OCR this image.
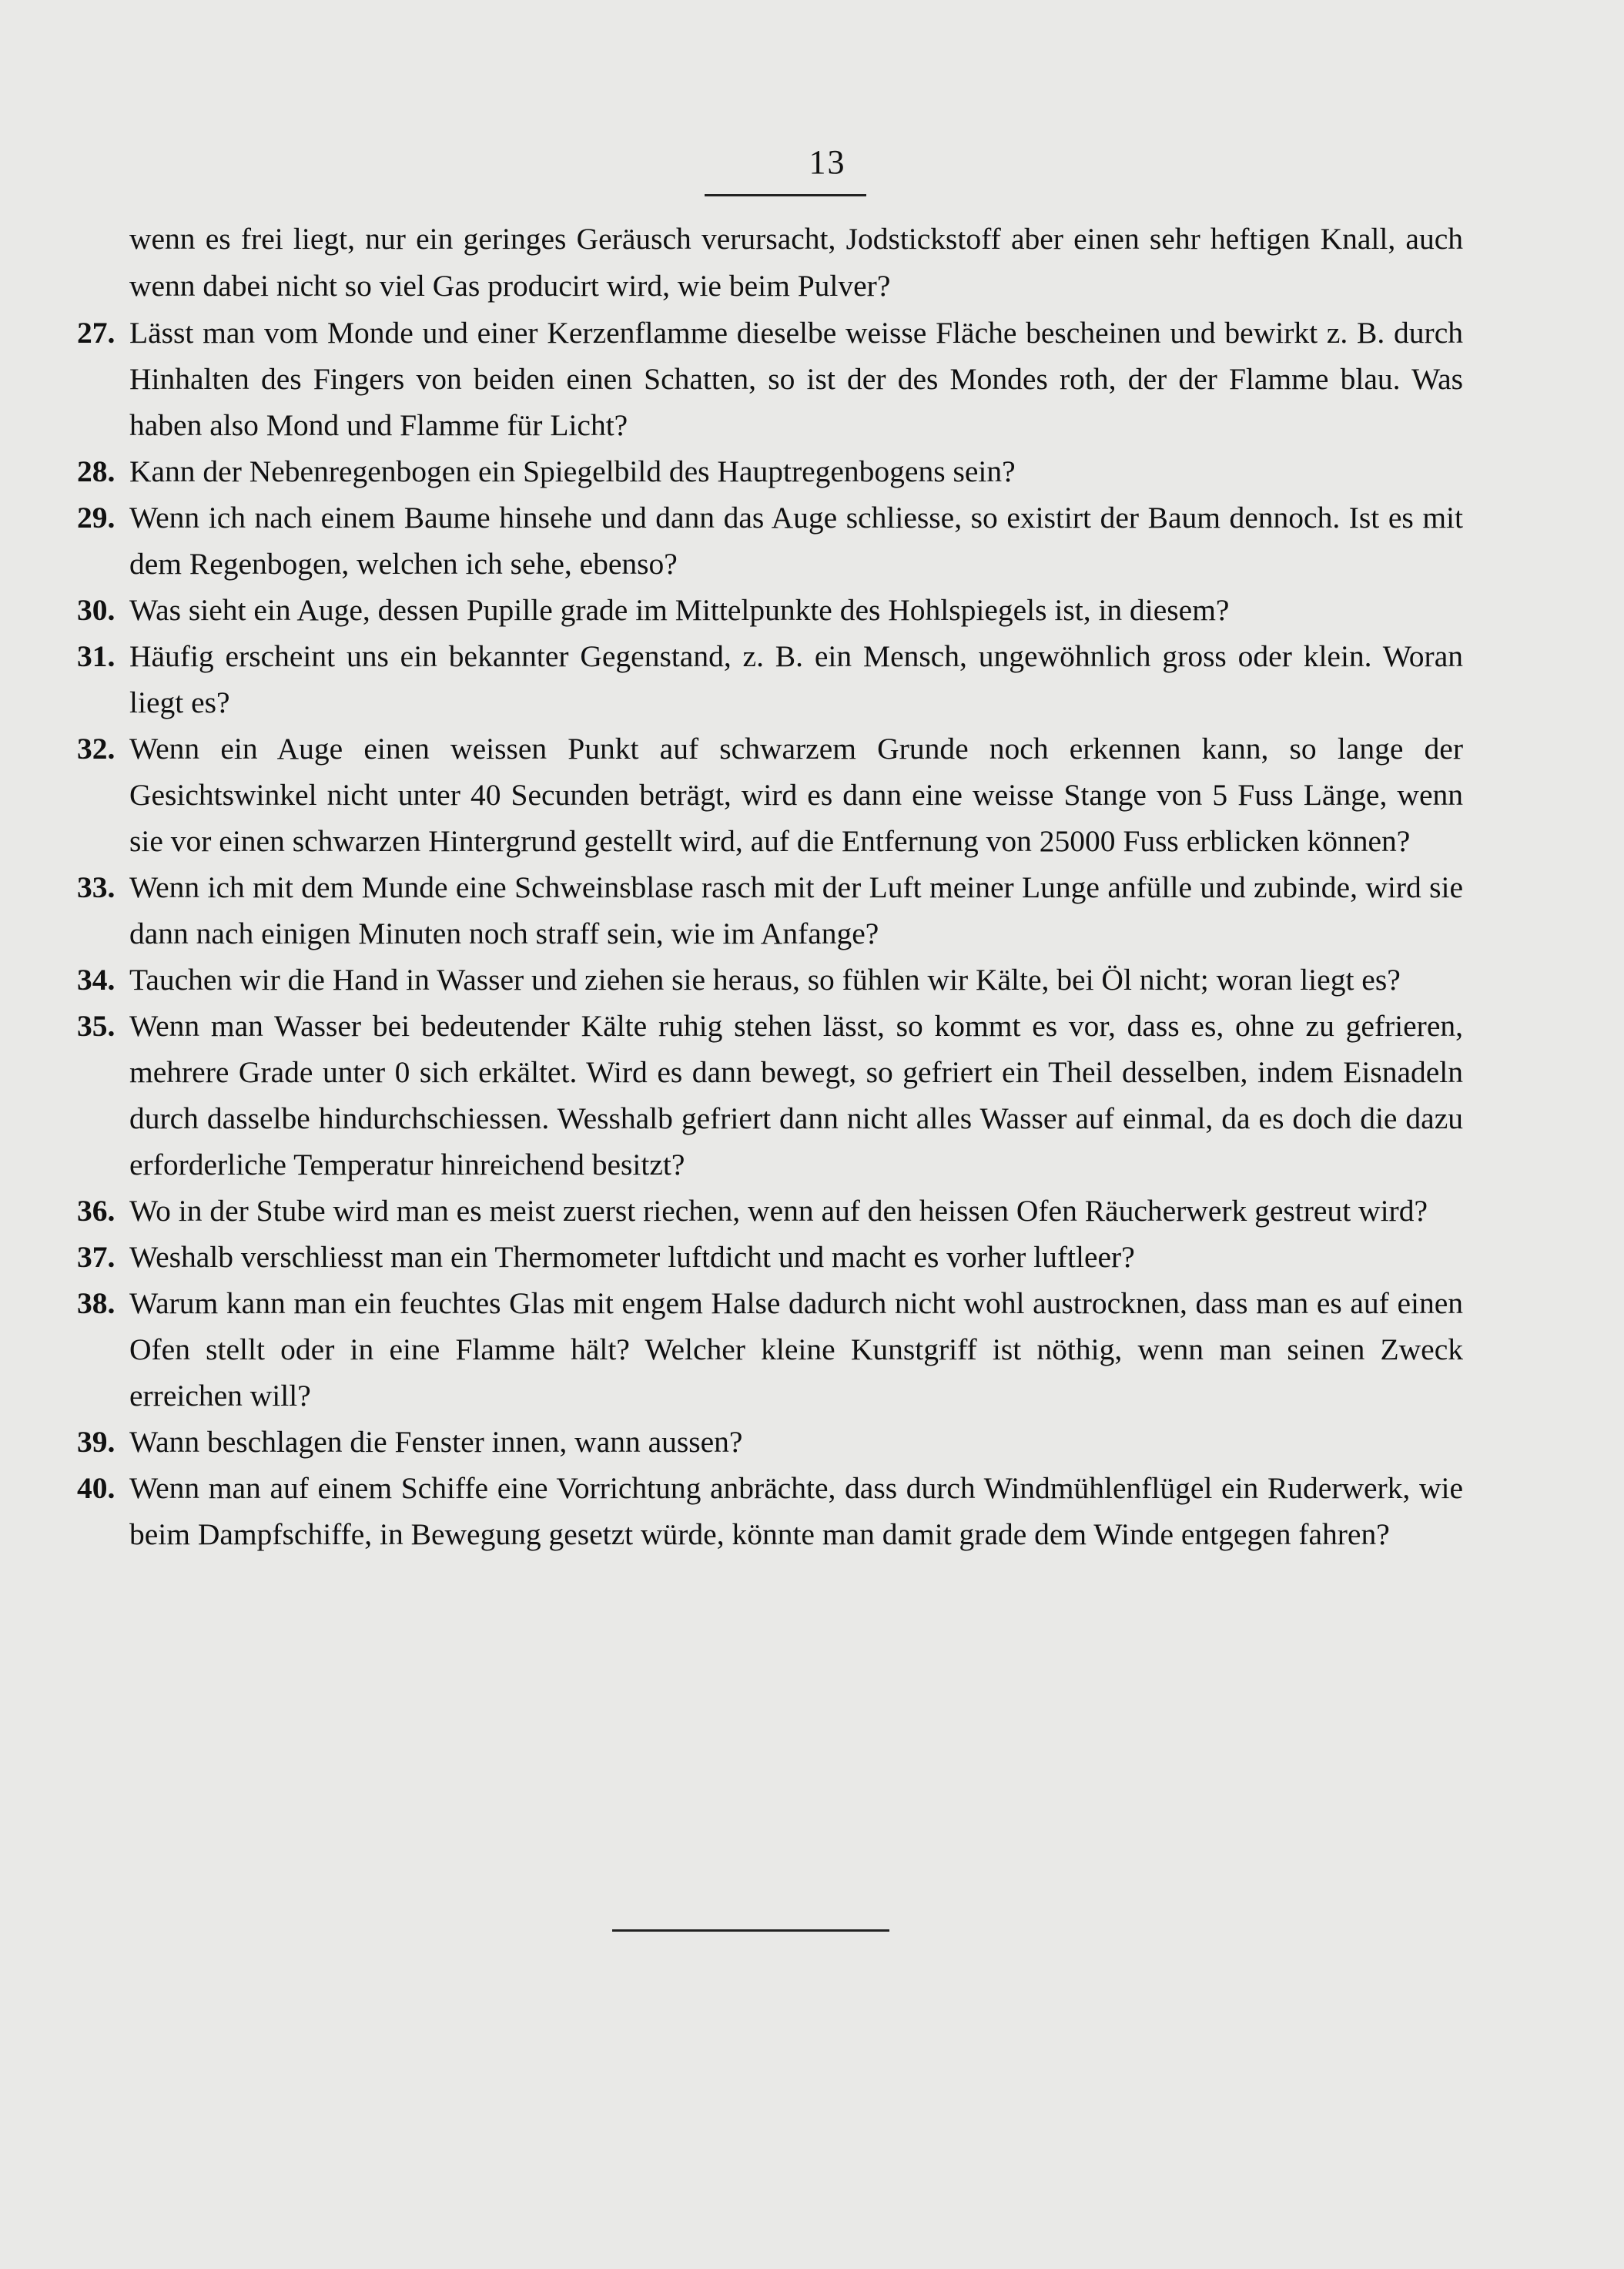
13

wenn es frei liegt, nur ein geringes Geräusch verursacht, Jodstickstoff aber einen sehr heftigen Knall, auch wenn dabei nicht so viel Gas producirt wird, wie beim Pulver?

27. Lässt man vom Monde und einer Kerzenflamme dieselbe weisse Fläche bescheinen und bewirkt z. B. durch Hinhalten des Fingers von beiden einen Schatten, so ist der des Mondes roth, der der Flamme blau. Was haben also Mond und Flamme für Licht?
28. Kann der Nebenregenbogen ein Spiegelbild des Hauptregenbogens sein?
29. Wenn ich nach einem Baume hinsehe und dann das Auge schliesse, so existirt der Baum dennoch. Ist es mit dem Regenbogen, welchen ich sehe, ebenso?
30. Was sieht ein Auge, dessen Pupille grade im Mittelpunkte des Hohlspiegels ist, in diesem?
31. Häufig erscheint uns ein bekannter Gegenstand, z. B. ein Mensch, ungewöhnlich gross oder klein. Woran liegt es?
32. Wenn ein Auge einen weissen Punkt auf schwarzem Grunde noch erkennen kann, so lange der Gesichtswinkel nicht unter 40 Secunden beträgt, wird es dann eine weisse Stange von 5 Fuss Länge, wenn sie vor einen schwarzen Hintergrund gestellt wird, auf die Entfernung von 25000 Fuss erblicken können?
33. Wenn ich mit dem Munde eine Schweinsblase rasch mit der Luft meiner Lunge anfülle und zubinde, wird sie dann nach einigen Minuten noch straff sein, wie im Anfange?
34. Tauchen wir die Hand in Wasser und ziehen sie heraus, so fühlen wir Kälte, bei Öl nicht; woran liegt es?
35. Wenn man Wasser bei bedeutender Kälte ruhig stehen lässt, so kommt es vor, dass es, ohne zu gefrieren, mehrere Grade unter 0 sich erkältet. Wird es dann bewegt, so gefriert ein Theil desselben, indem Eisnadeln durch dasselbe hindurchschiessen. Wesshalb gefriert dann nicht alles Wasser auf einmal, da es doch die dazu erforderliche Temperatur hinreichend besitzt?
36. Wo in der Stube wird man es meist zuerst riechen, wenn auf den heissen Ofen Räucherwerk gestreut wird?
37. Weshalb verschliesst man ein Thermometer luftdicht und macht es vorher luftleer?
38. Warum kann man ein feuchtes Glas mit engem Halse dadurch nicht wohl austrocknen, dass man es auf einen Ofen stellt oder in eine Flamme hält? Welcher kleine Kunstgriff ist nöthig, wenn man seinen Zweck erreichen will?
39. Wann beschlagen die Fenster innen, wann aussen?
40. Wenn man auf einem Schiffe eine Vorrichtung anbrächte, dass durch Windmühlenflügel ein Ruderwerk, wie beim Dampfschiffe, in Bewegung gesetzt würde, könnte man damit grade dem Winde entgegen fahren?
